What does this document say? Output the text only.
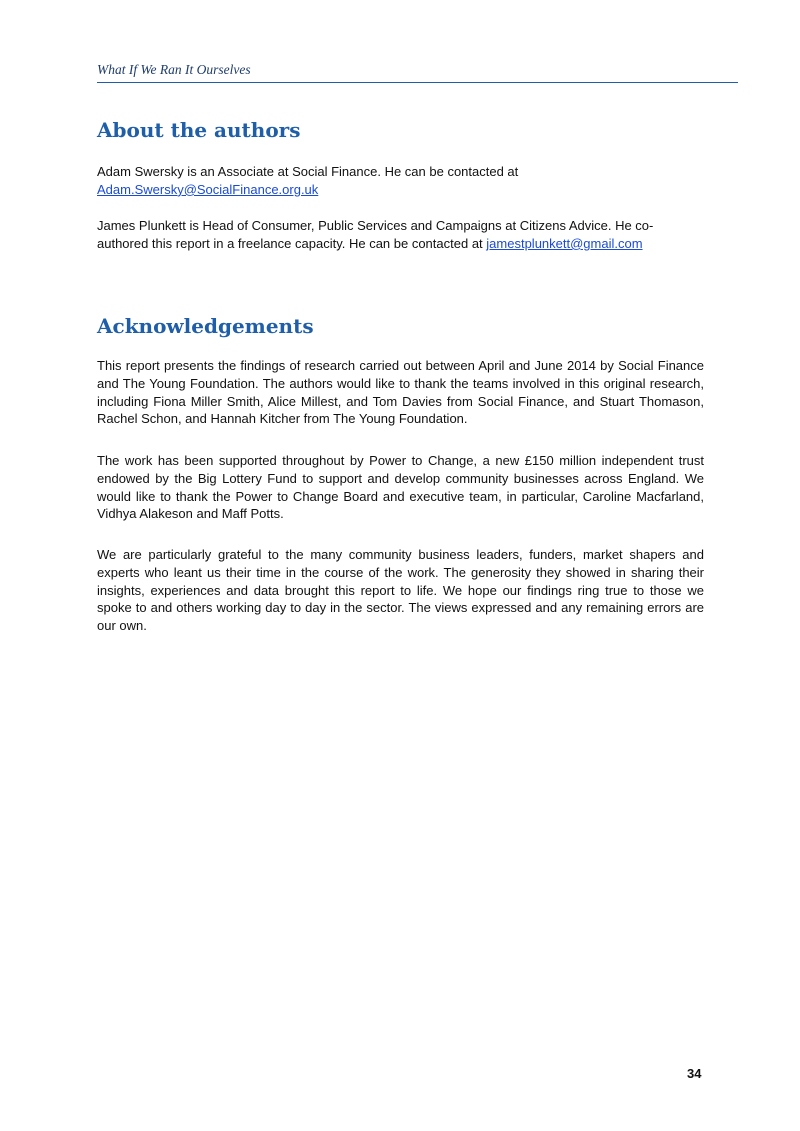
What If We Ran It Ourselves
About the authors

Adam Swersky is an Associate at Social Finance. He can be contacted at
Adam.Swersky@SocialFinance.org.uk

James Plunkett is Head of Consumer, Public Services and Campaigns at Citizens Advice. He co-
authored this report in a freelance capacity. He can be contacted at jamestplunkett@gmail.com

Acknowledgements

This report presents the findings of research carried out between April and June 2014 by Social Finance and The Young Foundation. The authors would like to thank the teams involved in this original research, including Fiona Miller Smith, Alice Millest, and Tom Davies from Social Finance, and Stuart Thomason, Rachel Schon, and Hannah Kitcher from The Young Foundation.

The work has been supported throughout by Power to Change, a new £150 million independent trust endowed by the Big Lottery Fund to support and develop community businesses across England. We would like to thank the Power to Change Board and executive team, in particular, Caroline Macfarland, Vidhya Alakeson and Maff Potts.

We are particularly grateful to the many community business leaders, funders, market shapers and experts who leant us their time in the course of the work. The generosity they showed in sharing their insights, experiences and data brought this report to life. We hope our findings ring true to those we spoke to and others working day to day in the sector. The views expressed and any remaining errors are our own.

34
